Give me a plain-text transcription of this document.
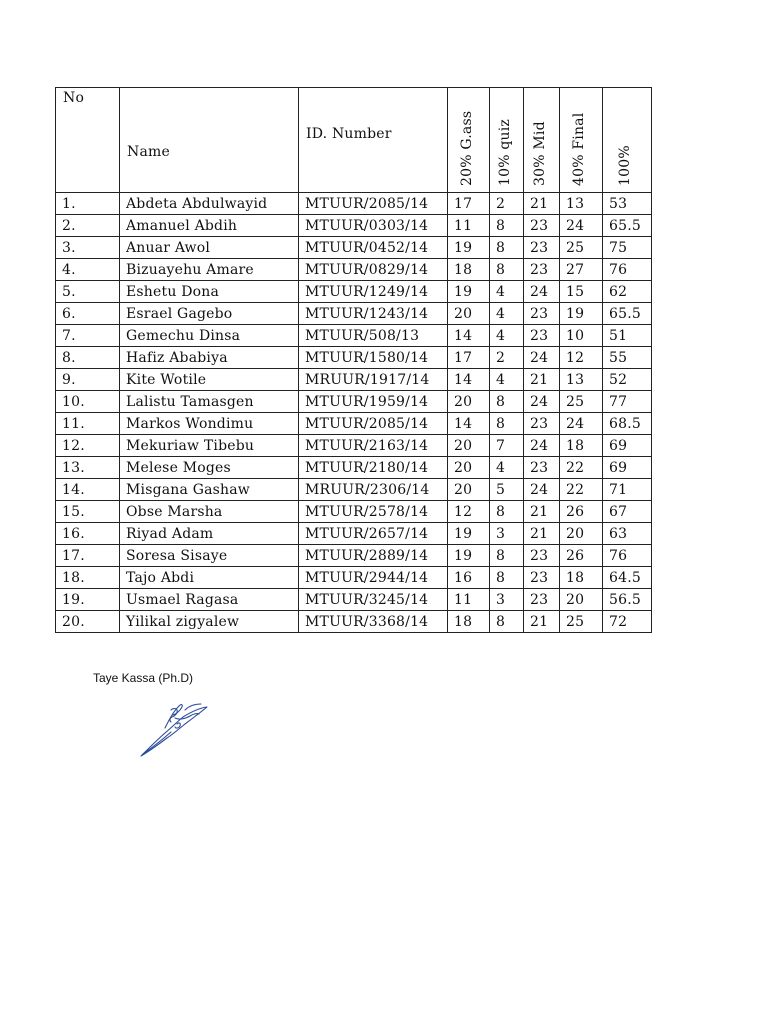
No	Name	ID. Number	20% G.ass	10% quiz	30% Mid	40% Final	100%

1.	Abdeta Abdulwayid	MTUUR/2085/14	17	2	21	13	53
2.	Amanuel Abdih	MTUUR/0303/14	11	8	23	24	65.5
3.	Anuar Awol	MTUUR/0452/14	19	8	23	25	75
4.	Bizuayehu Amare	MTUUR/0829/14	18	8	23	27	76
5.	Eshetu Dona	MTUUR/1249/14	19	4	24	15	62
6.	Esrael Gagebo	MTUUR/1243/14	20	4	23	19	65.5
7.	Gemechu Dinsa	MTUUR/508/13	14	4	23	10	51
8.	Hafiz Ababiya	MTUUR/1580/14	17	2	24	12	55
9.	Kite Wotile	MRUUR/1917/14	14	4	21	13	52
10.	Lalistu Tamasgen	MTUUR/1959/14	20	8	24	25	77
11.	Markos Wondimu	MTUUR/2085/14	14	8	23	24	68.5
12.	Mekuriaw Tibebu	MTUUR/2163/14	20	7	24	18	69
13.	Melese Moges	MTUUR/2180/14	20	4	23	22	69
14.	Misgana Gashaw	MRUUR/2306/14	20	5	24	22	71
15.	Obse Marsha	MTUUR/2578/14	12	8	21	26	67
16.	Riyad Adam	MTUUR/2657/14	19	3	21	20	63
17.	Soresa Sisaye	MTUUR/2889/14	19	8	23	26	76
18.	Tajo Abdi	MTUUR/2944/14	16	8	23	18	64.5
19.	Usmael Ragasa	MTUUR/3245/14	11	3	23	20	56.5
20.	Yilikal zigyalew	MTUUR/3368/14	18	8	21	25	72
Taye Kassa (Ph.D)
